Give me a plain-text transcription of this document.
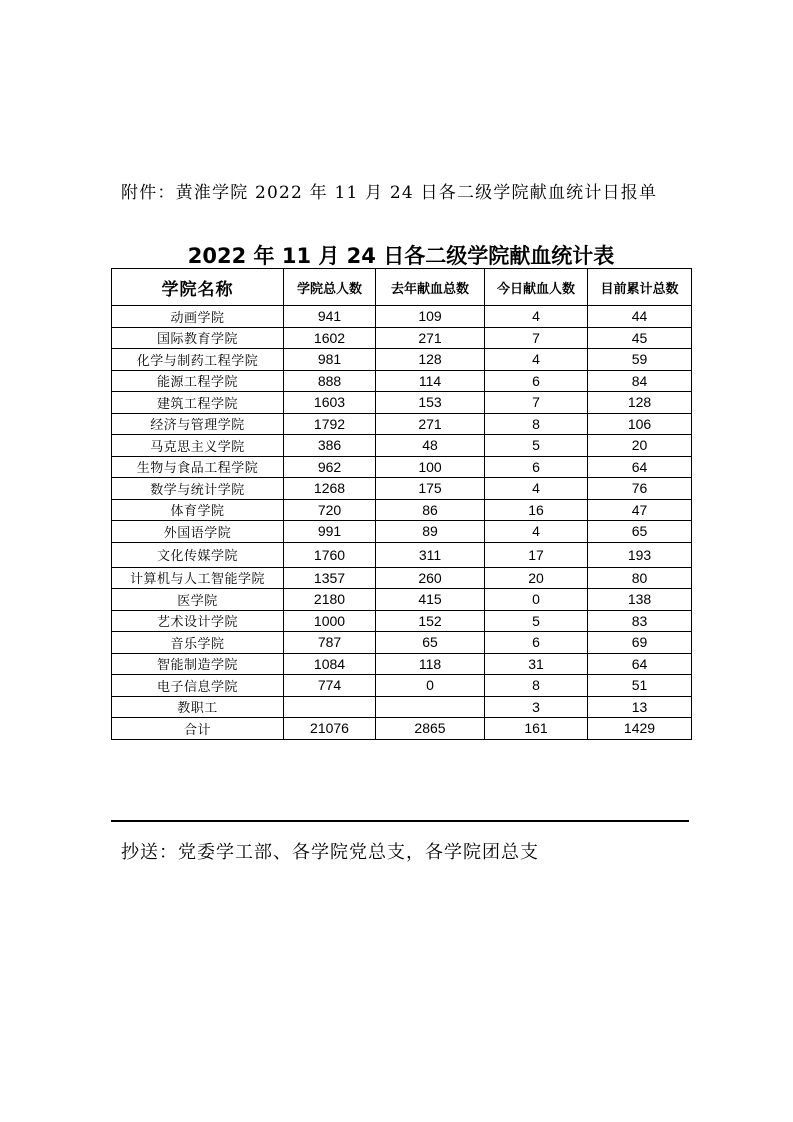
附件：黄淮学院 2022 年 11 月 24 日各二级学院献血统计日报单
2022 年 11 月 24 日各二级学院献血统计表
学院名称	学院总人数	去年献血总数	今日献血人数	目前累计总数
动画学院	941	109	4	44
国际教育学院	1602	271	7	45
化学与制药工程学院	981	128	4	59
能源工程学院	888	114	6	84
建筑工程学院	1603	153	7	128
经济与管理学院	1792	271	8	106
马克思主义学院	386	48	5	20
生物与食品工程学院	962	100	6	64
数学与统计学院	1268	175	4	76
体育学院	720	86	16	47
外国语学院	991	89	4	65
文化传媒学院	1760	311	17	193
计算机与人工智能学院	1357	260	20	80
医学院	2180	415	0	138
艺术设计学院	1000	152	5	83
音乐学院	787	65	6	69
智能制造学院	1084	118	31	64
电子信息学院	774	0	8	51
教职工			3	13
合计	21076	2865	161	1429
抄送：党委学工部、各学院党总支，各学院团总支
